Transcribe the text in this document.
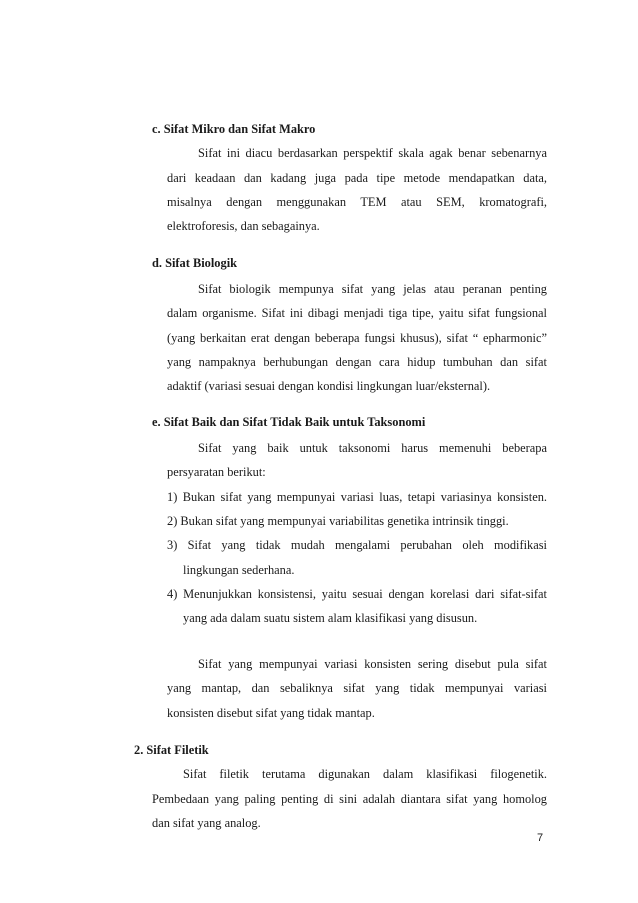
c. Sifat Mikro dan Sifat Makro
Sifat ini diacu berdasarkan perspektif skala agak benar sebenarnya
dari keadaan dan kadang juga pada tipe metode mendapatkan data,
misalnya dengan menggunakan TEM atau SEM, kromatografi,
elektroforesis, dan sebagainya.
d. Sifat Biologik
Sifat biologik mempunya sifat yang jelas atau peranan penting
dalam organisme. Sifat ini dibagi menjadi tiga tipe, yaitu sifat fungsional
(yang berkaitan erat dengan beberapa fungsi khusus), sifat “ epharmonic”
yang nampaknya berhubungan dengan cara hidup tumbuhan dan sifat
adaktif (variasi sesuai dengan kondisi lingkungan luar/eksternal).
e. Sifat Baik dan Sifat Tidak Baik untuk Taksonomi
Sifat yang baik untuk taksonomi harus memenuhi beberapa
persyaratan berikut:
1) Bukan sifat yang mempunyai variasi luas, tetapi variasinya konsisten.
2) Bukan sifat yang mempunyai variabilitas genetika intrinsik tinggi.
3) Sifat yang tidak mudah mengalami perubahan oleh modifikasi
lingkungan sederhana.
4) Menunjukkan konsistensi, yaitu sesuai dengan korelasi dari sifat-sifat
yang ada dalam suatu sistem alam klasifikasi yang disusun.
Sifat yang mempunyai variasi konsisten sering disebut pula sifat
yang mantap, dan sebaliknya sifat yang tidak mempunyai variasi
konsisten disebut sifat yang tidak mantap.
2. Sifat Filetik
Sifat filetik terutama digunakan dalam klasifikasi filogenetik.
Pembedaan yang paling penting di sini adalah diantara sifat yang homolog
dan sifat yang analog.
7
